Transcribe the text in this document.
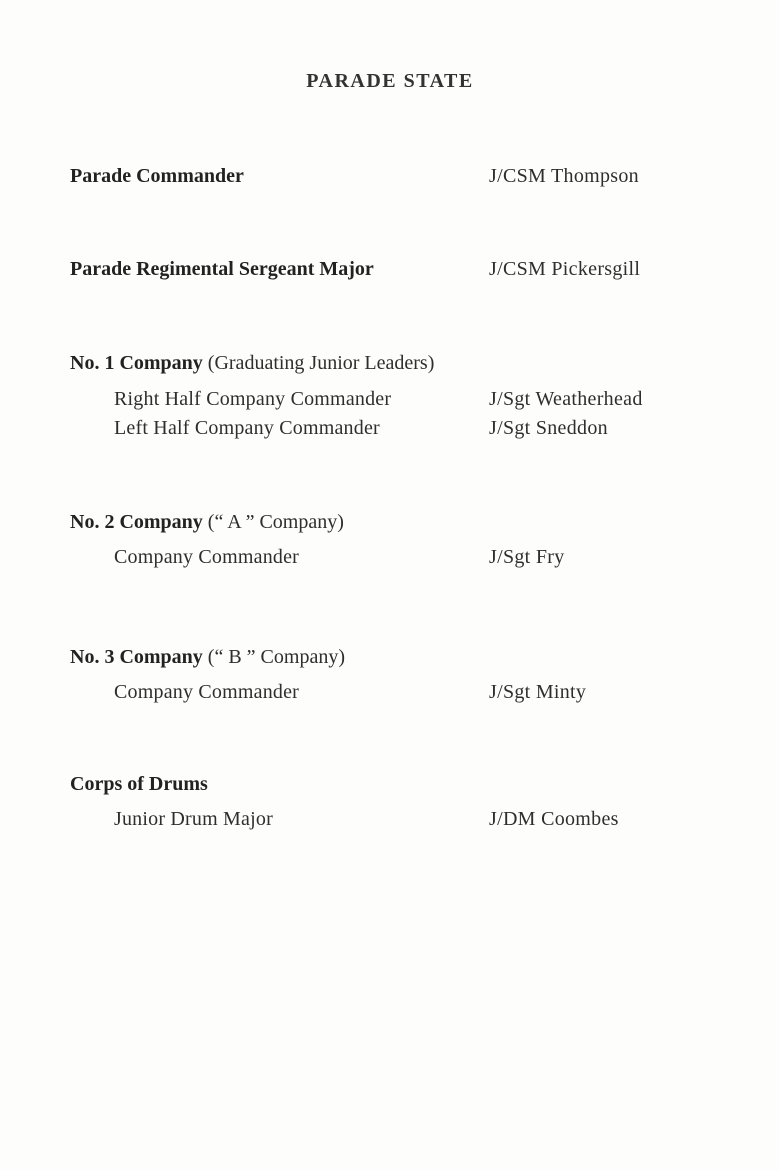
PARADE STATE
Parade Commander	J/CSM Thompson
Parade Regimental Sergeant Major	J/CSM Pickersgill
No. 1 Company (Graduating Junior Leaders)
Right Half Company Commander	J/Sgt Weatherhead
Left Half Company Commander	J/Sgt Sneddon
No. 2 Company (“ A ” Company)
Company Commander	J/Sgt Fry
No. 3 Company (“ B ” Company)
Company Commander	J/Sgt Minty
Corps of Drums
Junior Drum Major	J/DM Coombes
